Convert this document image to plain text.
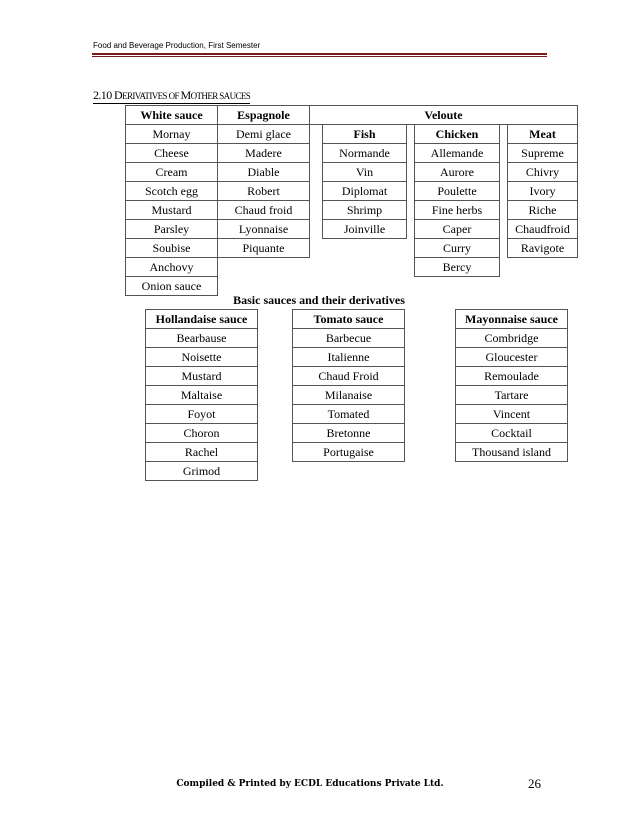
Food and Beverage Production, First Semester
2.10 DERIVATIVES OF MOTHER SAUCES
White sauce
Mornay
Cheese
Cream
Scotch egg
Mustard
Parsley
Soubise
Anchovy
Onion sauce
Espagnole
Demi glace
Madere
Diable
Robert
Chaud froid
Lyonnaise
Piquante
Veloute
Fish
Normande
Vin
Diplomat
Shrimp
Joinville
Chicken
Allemande
Aurore
Poulette
Fine herbs
Caper
Curry
Bercy
Meat
Supreme
Chivry
Ivory
Riche
Chaudfroid
Ravigote
Basic sauces and their derivatives
Hollandaise sauce
Bearbause
Noisette
Mustard
Maltaise
Foyot
Choron
Rachel
Grimod
Tomato sauce
Barbecue
Italienne
Chaud Froid
Milanaise
Tomated
Bretonne
Portugaise
Mayonnaise sauce
Combridge
Gloucester
Remoulade
Tartare
Vincent
Cocktail
Thousand island
Compiled & Printed by ECDL Educations Private Ltd.	26
